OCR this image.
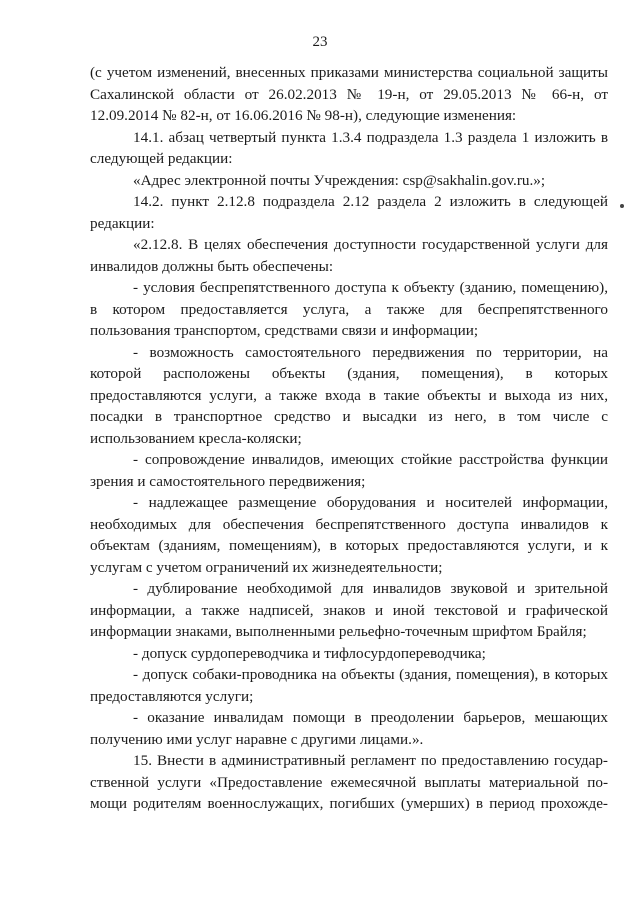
23
(с учетом изменений, внесенных приказами министерства социальной защиты
Сахалинской области от 26.02.2013 № 19-н, от 29.05.2013 № 66-н, от
12.09.2014 № 82-н, от 16.06.2016 № 98-н), следующие изменения:
14.1. абзац четвертый пункта 1.3.4 подраздела 1.3 раздела 1 изложить в
следующей редакции:
«Адрес электронной почты Учреждения: csp@sakhalin.gov.ru.»;
14.2. пункт 2.12.8 подраздела 2.12 раздела 2 изложить в следующей
редакции:
«2.12.8. В целях обеспечения доступности государственной услуги для
инвалидов должны быть обеспечены:
- условия беспрепятственного доступа к объекту (зданию, помещению),
в котором предоставляется услуга, а также для беспрепятственного
пользования транспортом, средствами связи и информации;
- возможность самостоятельного передвижения по территории, на
которой расположены объекты (здания, помещения), в которых
предоставляются услуги, а также входа в такие объекты и выхода из них,
посадки в транспортное средство и высадки из него, в том числе с
использованием кресла-коляски;
- сопровождение инвалидов, имеющих стойкие расстройства функции
зрения и самостоятельного передвижения;
- надлежащее размещение оборудования и носителей информации,
необходимых для обеспечения беспрепятственного доступа инвалидов к
объектам (зданиям, помещениям), в которых предоставляются услуги, и к
услугам с учетом ограничений их жизнедеятельности;
- дублирование необходимой для инвалидов звуковой и зрительной
информации, а также надписей, знаков и иной текстовой и графической
информации знаками, выполненными рельефно-точечным шрифтом Брайля;
- допуск сурдопереводчика и тифлосурдопереводчика;
- допуск собаки-проводника на объекты (здания, помещения), в которых
предоставляются услуги;
- оказание инвалидам помощи в преодолении барьеров, мешающих
получению ими услуг наравне с другими лицами.».
15. Внести в административный регламент по предоставлению государ-
ственной услуги «Предоставление ежемесячной выплаты материальной по-
мощи родителям военнослужащих, погибших (умерших) в период прохожде-
